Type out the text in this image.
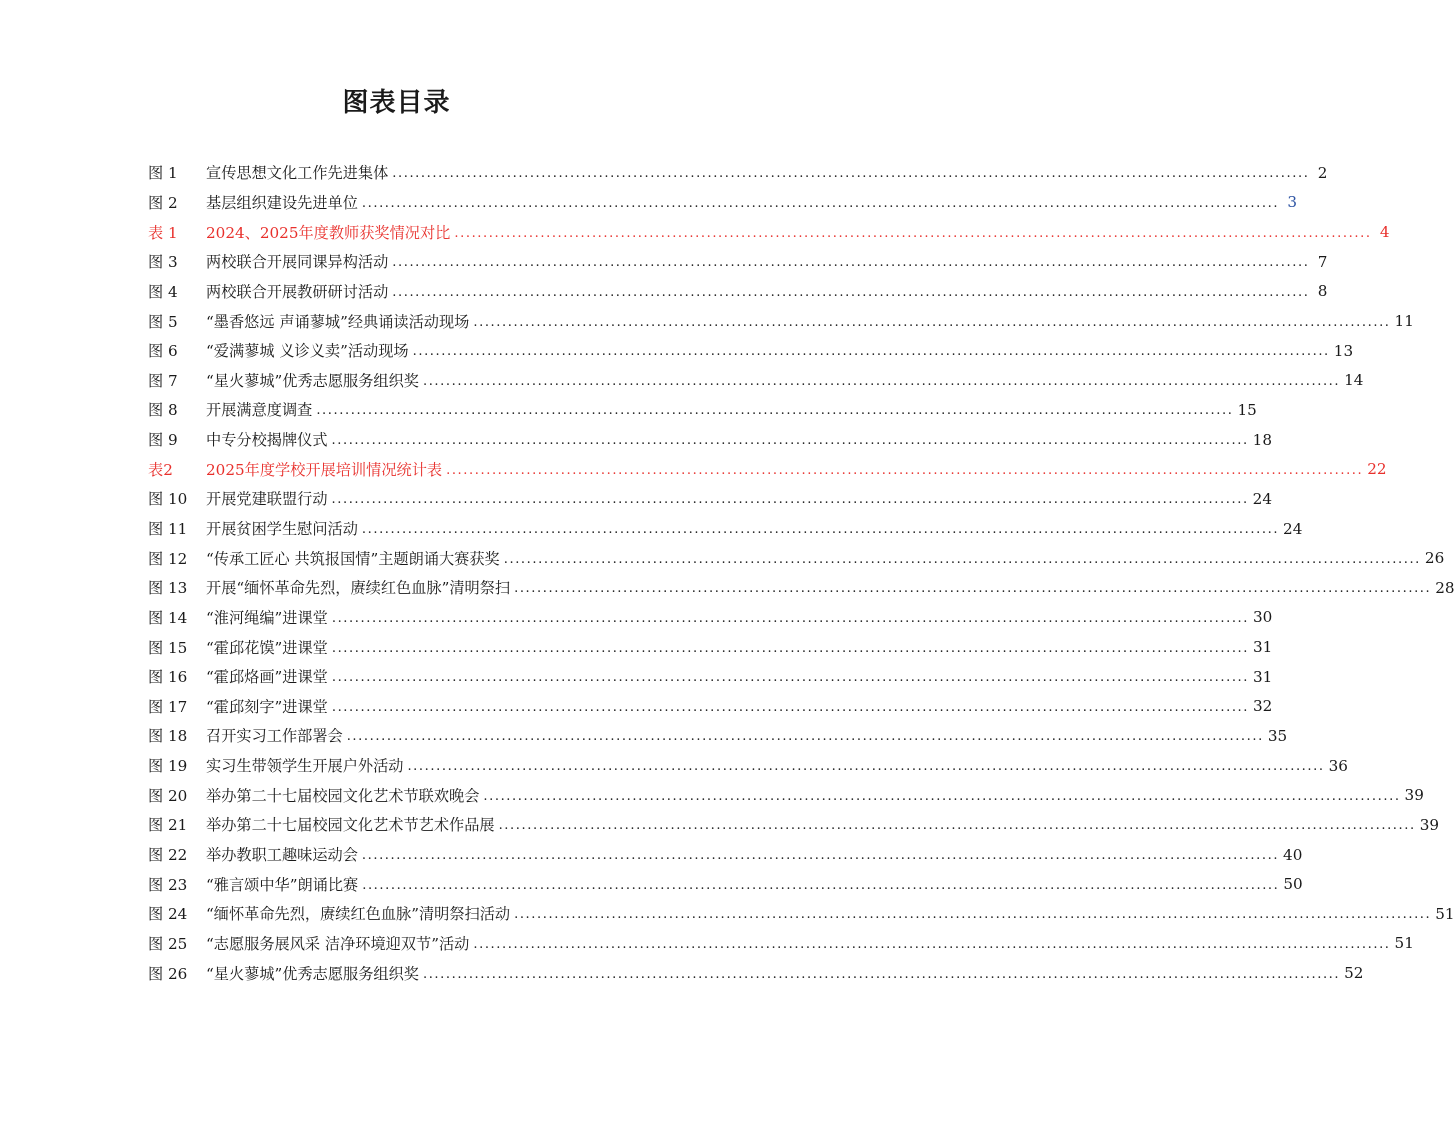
图表目录
图 1	宣传思想文化工作先进集体 .....	2
图 2	基层组织建设先进单位 .....	3
表 1	2024、2025年度教师获奖情况对比 .....	4
图 3	两校联合开展同课异构活动 .....	7
图 4	两校联合开展教研研讨活动 .....	8
图 5	“墨香悠远 声诵蓼城”经典诵读活动现场 .....	11
图 6	“爱满蓼城 义诊义卖”活动现场 .....	13
图 7	“星火蓼城”优秀志愿服务组织奖 .....	14
图 8	开展满意度调查 .....	15
图 9	中专分校揭牌仪式 .....	18
表2	2025年度学校开展培训情况统计表 .....	22
图 10	开展党建联盟行动 .....	24
图 11	开展贫困学生慰问活动 .....	24
图 12	“传承工匠心 共筑报国情”主题朗诵大赛获奖 .....	26
图 13	开展“缅怀革命先烈，赓续红色血脉”清明祭扫 .....	28
图 14	“淮河绳编”进课堂 .....	30
图 15	“霍邱花馍”进课堂 .....	31
图 16	“霍邱烙画”进课堂 .....	31
图 17	“霍邱刻字”进课堂 .....	32
图 18	召开实习工作部署会 .....	35
图 19	实习生带领学生开展户外活动 .....	36
图 20	举办第二十七届校园文化艺术节联欢晚会 .....	39
图 21	举办第二十七届校园文化艺术节艺术作品展 .....	39
图 22	举办教职工趣味运动会 .....	40
图 23	“雅言颂中华”朗诵比赛 .....	50
图 24	“缅怀革命先烈，赓续红色血脉”清明祭扫活动 .....	51
图 25	“志愿服务展风采 洁净环境迎双节”活动 .....	51
图 26	“星火蓼城”优秀志愿服务组织奖 .....	52
